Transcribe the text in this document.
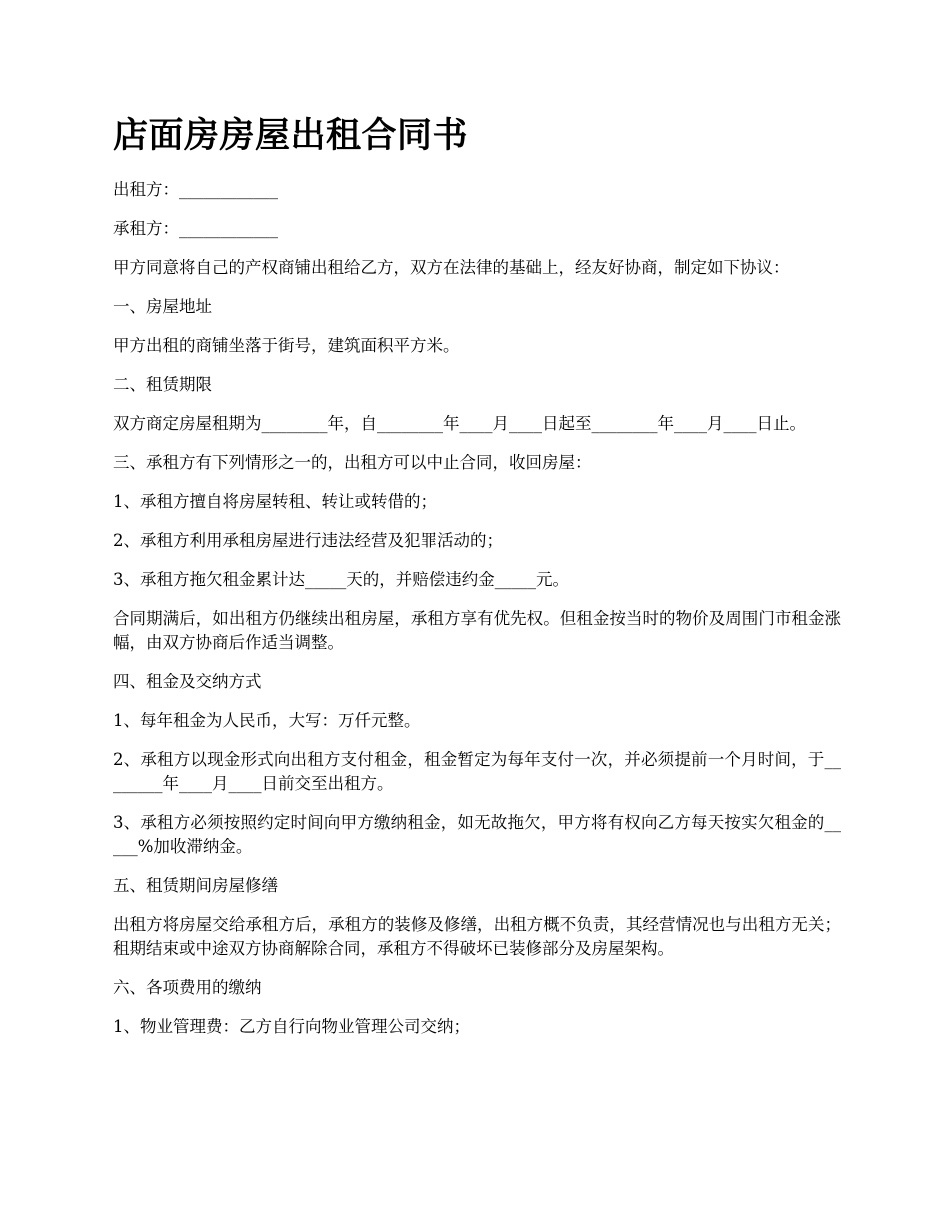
店面房房屋出租合同书

出租方：____________

承租方：____________

甲方同意将自己的产权商铺出租给乙方，双方在法律的基础上，经友好协商，制定如下协议：

一、房屋地址

甲方出租的商铺坐落于街号，建筑面积平方米。

二、租赁期限

双方商定房屋租期为________年，自________年____月____日起至________年____月____日止。

三、承租方有下列情形之一的，出租方可以中止合同，收回房屋：

1、承租方擅自将房屋转租、转让或转借的；

2、承租方利用承租房屋进行违法经营及犯罪活动的；

3、承租方拖欠租金累计达_____天的，并赔偿违约金_____元。

合同期满后，如出租方仍继续出租房屋，承租方享有优先权。但租金按当时的物价及周围门市租金涨幅，由双方协商后作适当调整。

四、租金及交纳方式

1、每年租金为人民币，大写：万仟元整。

2、承租方以现金形式向出租方支付租金，租金暂定为每年支付一次，并必须提前一个月时间，于________年____月____日前交至出租方。

3、承租方必须按照约定时间向甲方缴纳租金，如无故拖欠，甲方将有权向乙方每天按实欠租金的_____%加收滞纳金。

五、租赁期间房屋修缮

出租方将房屋交给承租方后，承租方的装修及修缮，出租方概不负责，其经营情况也与出租方无关；租期结束或中途双方协商解除合同，承租方不得破坏已装修部分及房屋架构。

六、各项费用的缴纳

1、物业管理费：乙方自行向物业管理公司交纳；
